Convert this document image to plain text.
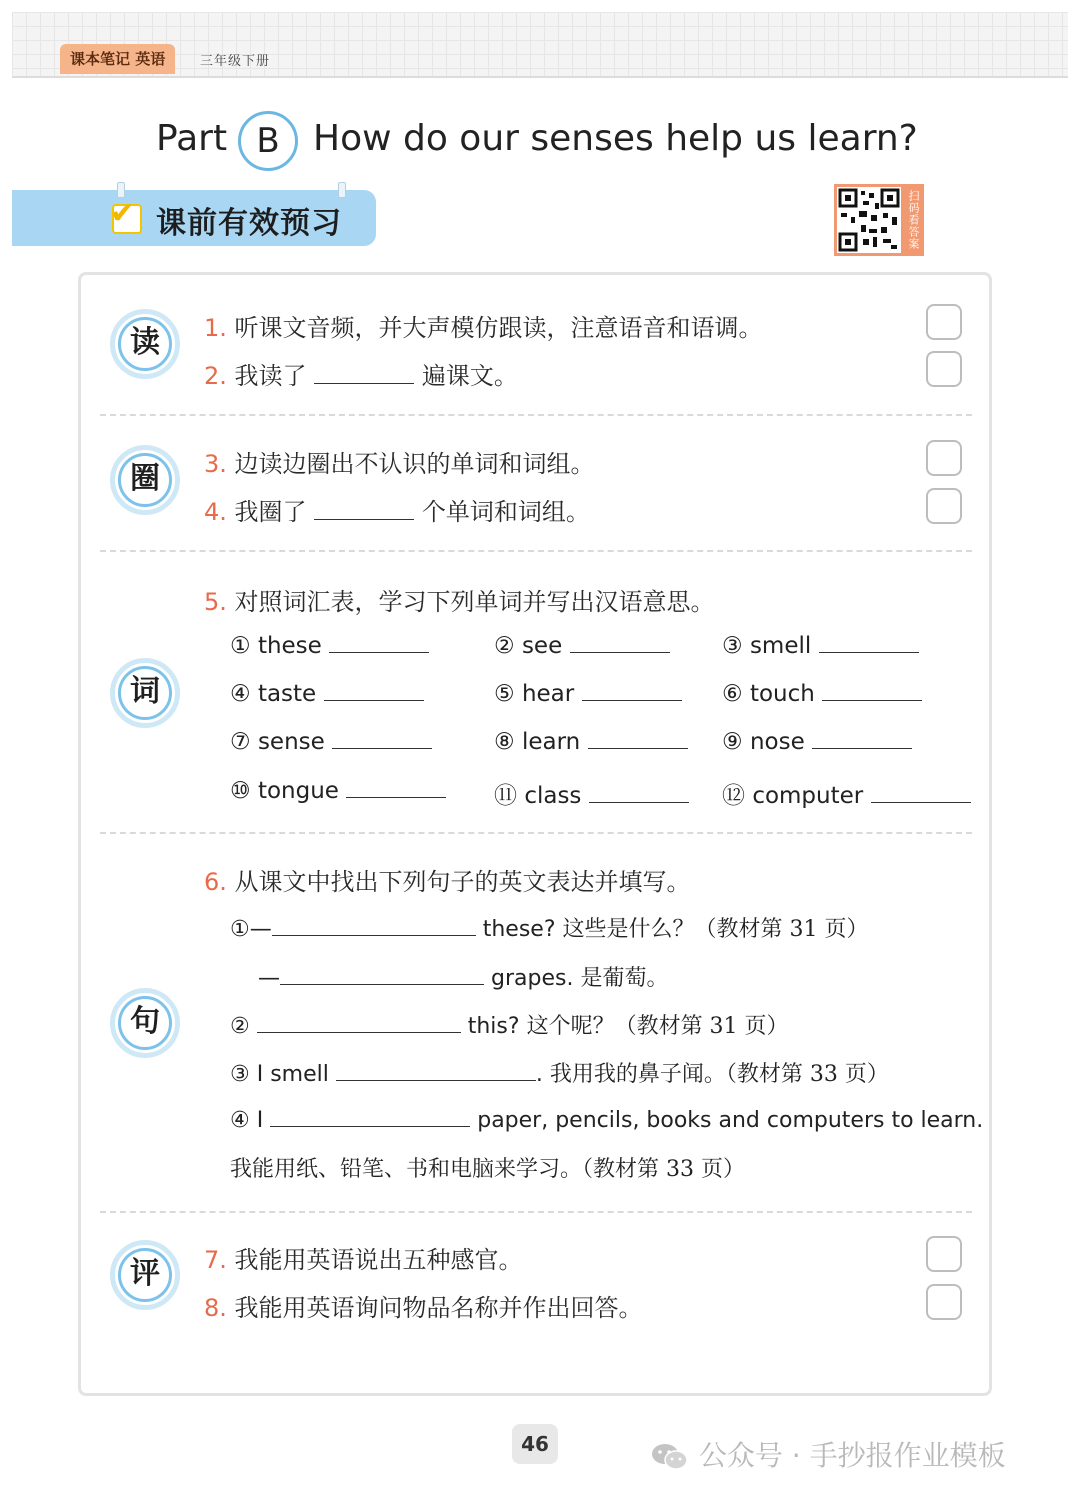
课本笔记 英语	三年级下册
Part B How do our senses help us learn?
✔ 课前有效预习	扫码看答案
读	1. 听课文音频，并大声模仿跟读，注意语音和语调。
2. 我读了	遍课文。
圈	3. 边读边圈出不认识的单词和词组。
4. 我圈了	个单词和词组。
词
5. 对照词汇表，学习下列单词并写出汉语意思。
① these	② see	③ smell
④ taste	⑤ hear	⑥ touch
⑦ sense	⑧ learn	⑨ nose
⑩ tongue	⑪ class	⑫ computer
句
6. 从课文中找出下列句子的英文表达并填写。
①—	these? 这些是什么？（教材第 31 页）
—	grapes. 是葡萄。
②	this? 这个呢？（教材第 31 页）
③ I smell	. 我用我的鼻子闻。（教材第 33 页）
④ I	paper, pencils, books and computers to learn.
我能用纸、铅笔、书和电脑来学习。（教材第 33 页）
评	7. 我能用英语说出五种感官。
8. 我能用英语询问物品名称并作出回答。
46	公众号 · 手抄报作业模板
